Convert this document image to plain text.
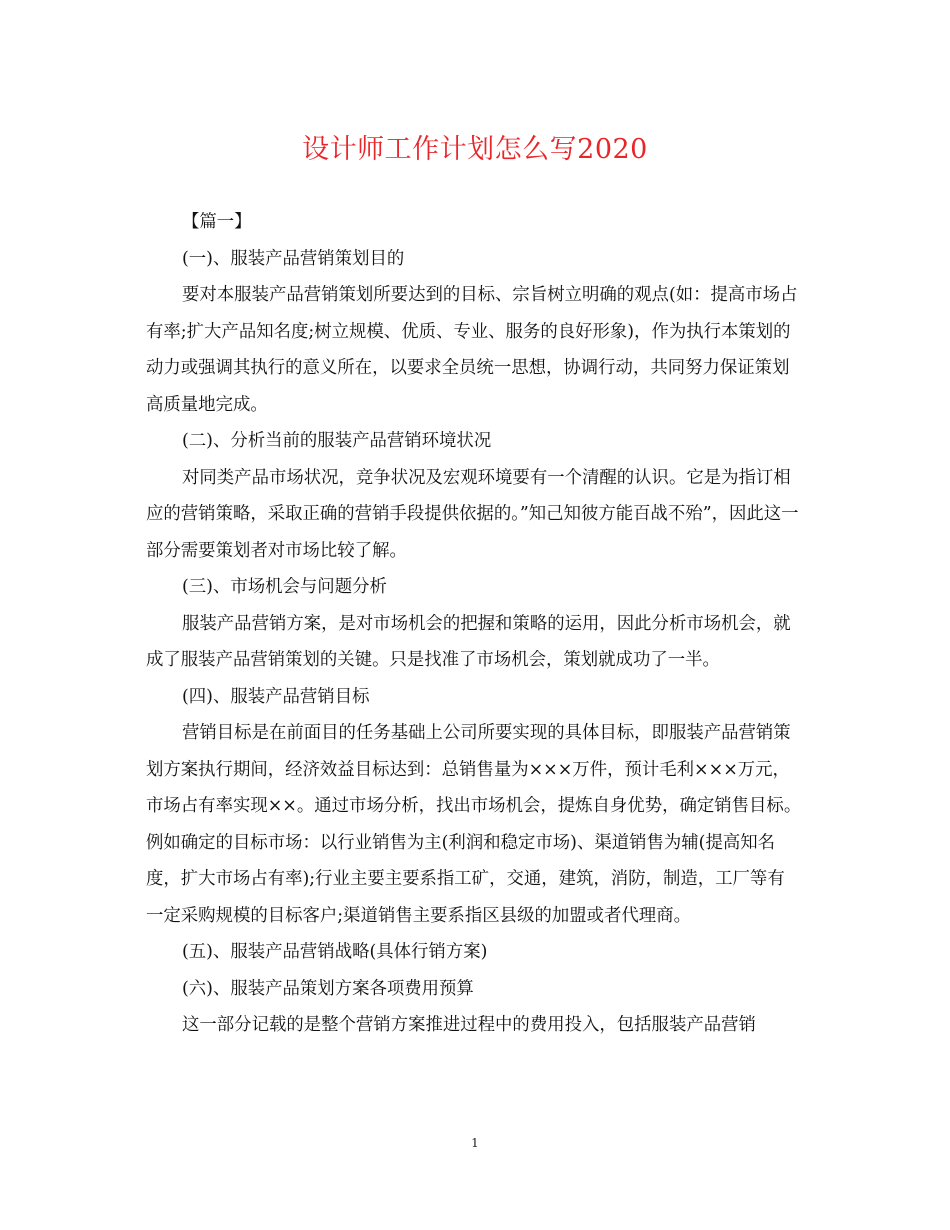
设计师工作计划怎么写2020

【篇一】

(一)、服装产品营销策划目的

要对本服装产品营销策划所要达到的目标、宗旨树立明确的观点(如：提高市场占有率;扩大产品知名度;树立规模、优质、专业、服务的良好形象)，作为执行本策划的动力或强调其执行的意义所在，以要求全员统一思想，协调行动，共同努力保证策划高质量地完成。

(二)、分析当前的服装产品营销环境状况

对同类产品市场状况，竞争状况及宏观环境要有一个清醒的认识。它是为指订相应的营销策略，采取正确的营销手段提供依据的。”知己知彼方能百战不殆”，因此这一部分需要策划者对市场比较了解。

(三)、市场机会与问题分析

服装产品营销方案，是对市场机会的把握和策略的运用，因此分析市场机会，就成了服装产品营销策划的关键。只是找准了市场机会，策划就成功了一半。

(四)、服装产品营销目标

营销目标是在前面目的任务基础上公司所要实现的具体目标，即服装产品营销策划方案执行期间，经济效益目标达到：总销售量为×××万件，预计毛利×××万元，市场占有率实现××。通过市场分析，找出市场机会，提炼自身优势，确定销售目标。例如确定的目标市场：以行业销售为主(利润和稳定市场)、渠道销售为辅(提高知名度，扩大市场占有率);行业主要主要系指工矿，交通，建筑，消防，制造，工厂等有一定采购规模的目标客户;渠道销售主要系指区县级的加盟或者代理商。

(五)、服装产品营销战略(具体行销方案)

(六)、服装产品策划方案各项费用预算

这一部分记载的是整个营销方案推进过程中的费用投入，包括服装产品营销

1
